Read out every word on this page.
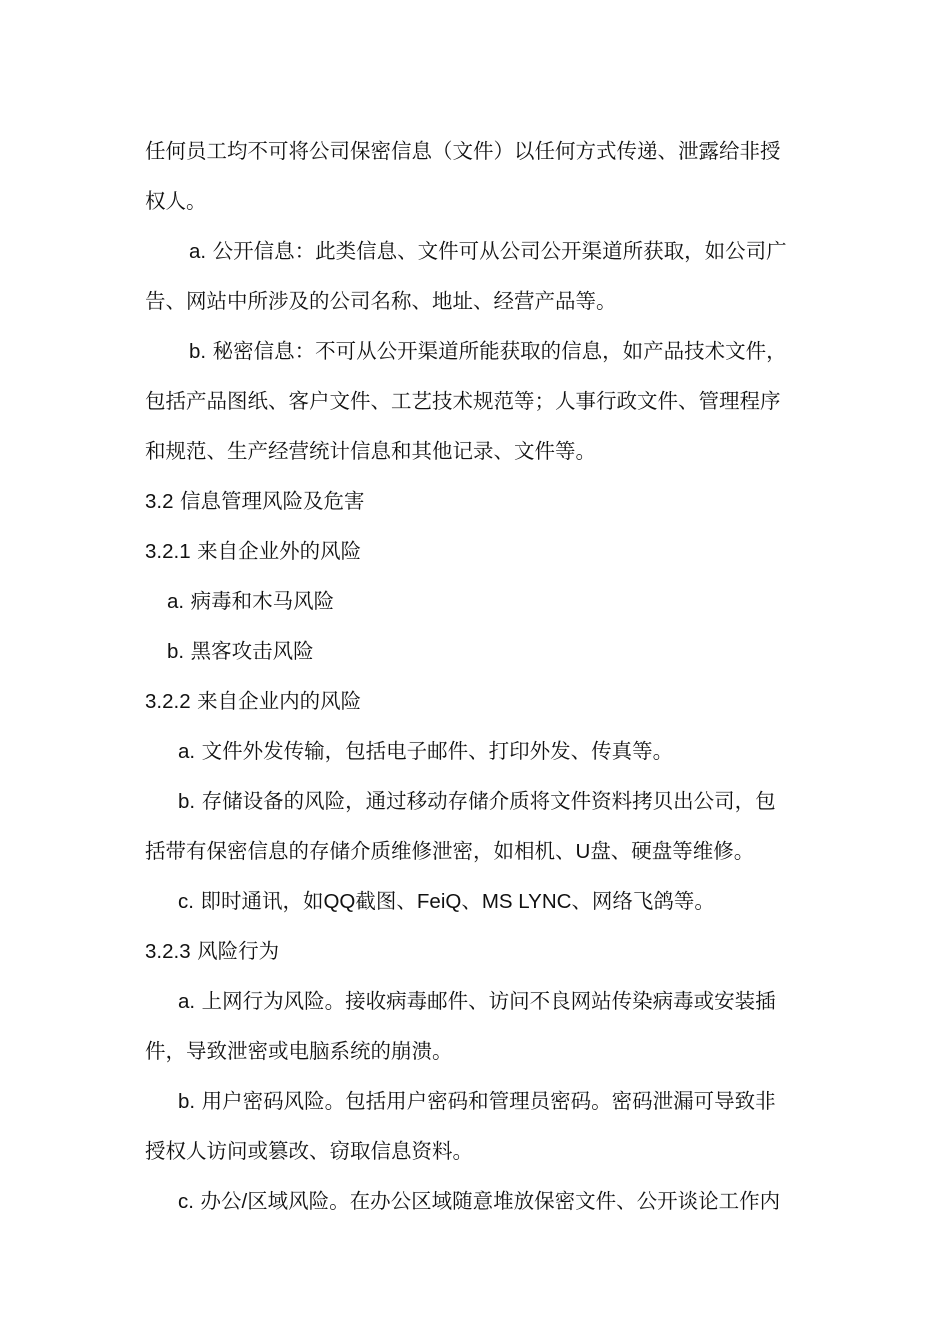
任何员工均不可将公司保密信息（文件）以任何方式传递、泄露给非授
权人。
a. 公开信息：此类信息、文件可从公司公开渠道所获取，如公司广
告、网站中所涉及的公司名称、地址、经营产品等。
b. 秘密信息：不可从公开渠道所能获取的信息，如产品技术文件，
包括产品图纸、客户文件、工艺技术规范等；人事行政文件、管理程序
和规范、生产经营统计信息和其他记录、文件等。
3.2 信息管理风险及危害
3.2.1 来自企业外的风险
a. 病毒和木马风险
b. 黑客攻击风险
3.2.2 来自企业内的风险
a. 文件外发传输，包括电子邮件、打印外发、传真等。
b. 存储设备的风险，通过移动存储介质将文件资料拷贝出公司，包
括带有保密信息的存储介质维修泄密，如相机、U盘、硬盘等维修。
c. 即时通讯，如QQ截图、FeiQ、MS LYNC、网络飞鸽等。
3.2.3 风险行为
a. 上网行为风险。接收病毒邮件、访问不良网站传染病毒或安装插
件，导致泄密或电脑系统的崩溃。
b. 用户密码风险。包括用户密码和管理员密码。密码泄漏可导致非
授权人访问或篡改、窃取信息资料。
c. 办公/区域风险。在办公区域随意堆放保密文件、公开谈论工作内
